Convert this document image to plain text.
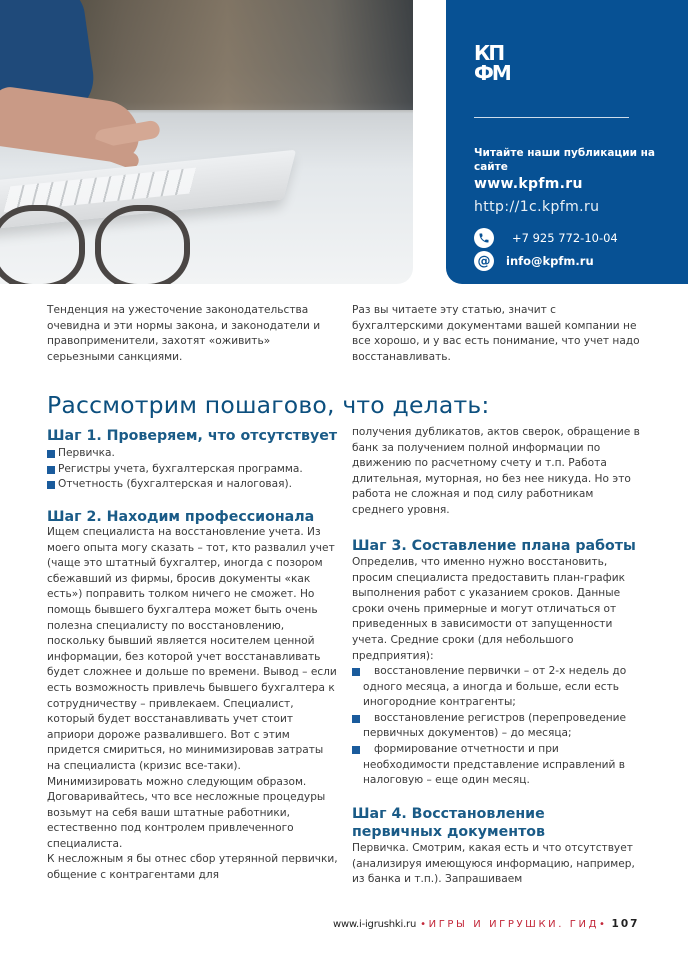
КП
ФМ
Читайте наши публикации на сайте
www.kpfm.ru
http://1c.kpfm.ru
+7 925 772-10-04
@	info@kpfm.ru

Тенденция на ужесточение законодательства очевидна и эти нормы закона, и законодатели и правоприменители, захотят «оживить» серьезными санкциями.

Раз вы читаете эту статью, значит с бухгалтерскими документами вашей компании не все хорошо, и у вас есть понимание, что учет надо восстанавливать.

Рассмотрим пошагово, что делать:
Шаг 1. Проверяем, что отсутствует
Первичка.
Регистры учета, бухгалтерская программа.
Отчетность (бухгалтерская и налоговая).
Шаг 2. Находим профессионала

Ищем специалиста на восстановление учета. Из моего опыта могу сказать – тот, кто развалил учет (чаще это штатный бухгалтер, иногда с позором сбежавший из фирмы, бросив документы «как есть») поправить толком ничего не сможет. Но помощь бывшего бухгалтера может быть очень полезна специалисту по восстановлению, поскольку бывший является носителем ценной информации, без которой учет восстанавливать будет сложнее и дольше по времени. Вывод – если есть возможность привлечь бывшего бухгалтера к сотрудничеству – привлекаем. Специалист, который будет восстанавливать учет стоит априори дороже развалившего. Вот с этим придется смириться, но минимизировав затраты на специалиста (кризис все-таки). Минимизировать можно следующим образом. Договаривайтесь, что все несложные процедуры возьмут на себя ваши штатные работники, естественно под контролем привлеченного специалиста.

К несложным я бы отнес сбор утерянной первички, общение с контрагентами для

получения дубликатов, актов сверок, обращение в банк за получением полной информации по движению по расчетному счету и т.п. Работа длительная, муторная, но без нее никуда. Но это работа не сложная и под силу работникам среднего уровня.

Шаг 3. Составление плана работы

Определив, что именно нужно восстановить, просим специалиста предоставить план-график выполнения работ с указанием сроков. Данные сроки очень примерные и могут отличаться от приведенных в зависимости от запущенности учета. Средние сроки (для небольшого предприятия):

восстановление первички – от 2-х недель до одного месяца, а иногда и больше, если есть иногородние контрагенты;
восстановление регистров (перепроведение первичных документов) – до месяца;
формирование отчетности и при необходимости представление исправлений в налоговую – еще один месяц.
Шаг 4. Восстановление первичных документов

Первичка. Смотрим, какая есть и что отсутствует (анализируя имеющуюся информацию, например, из банка и т.п.). Запрашиваем

www.i-igrushki.ru •ИГРЫ И ИГРУШКИ. ГИД• 107
